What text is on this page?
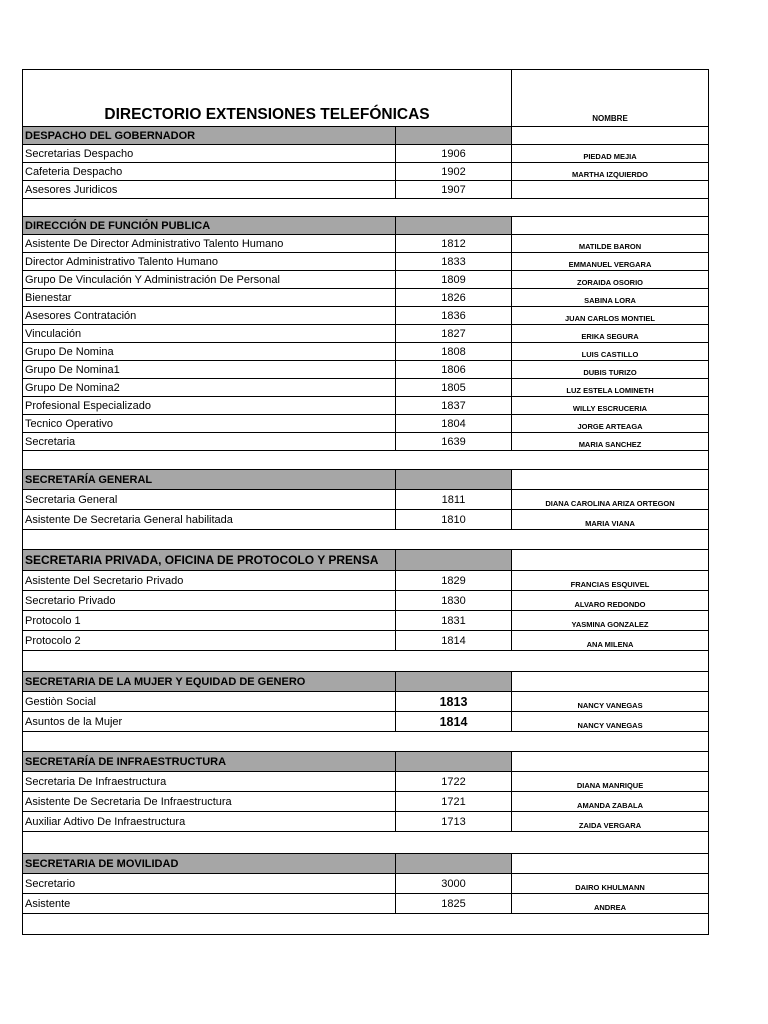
DIRECTORIO EXTENSIONES TELEFÓNICAS		NOMBRE
DESPACHO DEL GOBERNADOR		
Secretarias Despacho	1906	PIEDAD MEJIA
Cafeteria Despacho	1902	MARTHA IZQUIERDO
Asesores Juridicos	1907	

DIRECCIÓN DE FUNCIÓN PUBLICA		
Asistente De Director Administrativo Talento Humano	1812	MATILDE BARON
Director Administrativo Talento Humano	1833	EMMANUEL VERGARA
Grupo De Vinculación Y Administración De Personal	1809	ZORAIDA OSORIO
Bienestar	1826	SABINA LORA
Asesores Contratación	1836	JUAN CARLOS MONTIEL
Vinculación	1827	ERIKA SEGURA
Grupo De Nomina	1808	LUIS CASTILLO
Grupo De Nomina1	1806	DUBIS TURIZO
Grupo De Nomina2	1805	LUZ ESTELA LOMINETH
Profesional Especializado	1837	WILLY ESCRUCERIA
Tecnico Operativo	1804	JORGE ARTEAGA
Secretaria	1639	MARIA SANCHEZ

SECRETARÍA GENERAL		
Secretaria General	1811	DIANA CAROLINA ARIZA ORTEGON
Asistente De Secretaria General habilitada	1810	MARIA VIANA

SECRETARIA PRIVADA, OFICINA DE PROTOCOLO Y PRENSA		
Asistente Del Secretario Privado	1829	FRANCIAS ESQUIVEL
Secretario Privado	1830	ALVARO REDONDO
Protocolo 1	1831	YASMINA GONZALEZ
Protocolo 2	1814	ANA MILENA

SECRETARIA DE LA MUJER Y EQUIDAD DE GENERO		
Gestiòn Social	1813	NANCY VANEGAS
Asuntos de la Mujer	1814	NANCY VANEGAS

SECRETARÍA DE INFRAESTRUCTURA		
Secretaria De Infraestructura	1722	DIANA MANRIQUE
Asistente De Secretaria De Infraestructura	1721	AMANDA ZABALA
Auxiliar Adtivo De Infraestructura	1713	ZAIDA VERGARA

SECRETARIA DE MOVILIDAD		
Secretario	3000	DAIRO KHULMANN
Asistente	1825	ANDREA
